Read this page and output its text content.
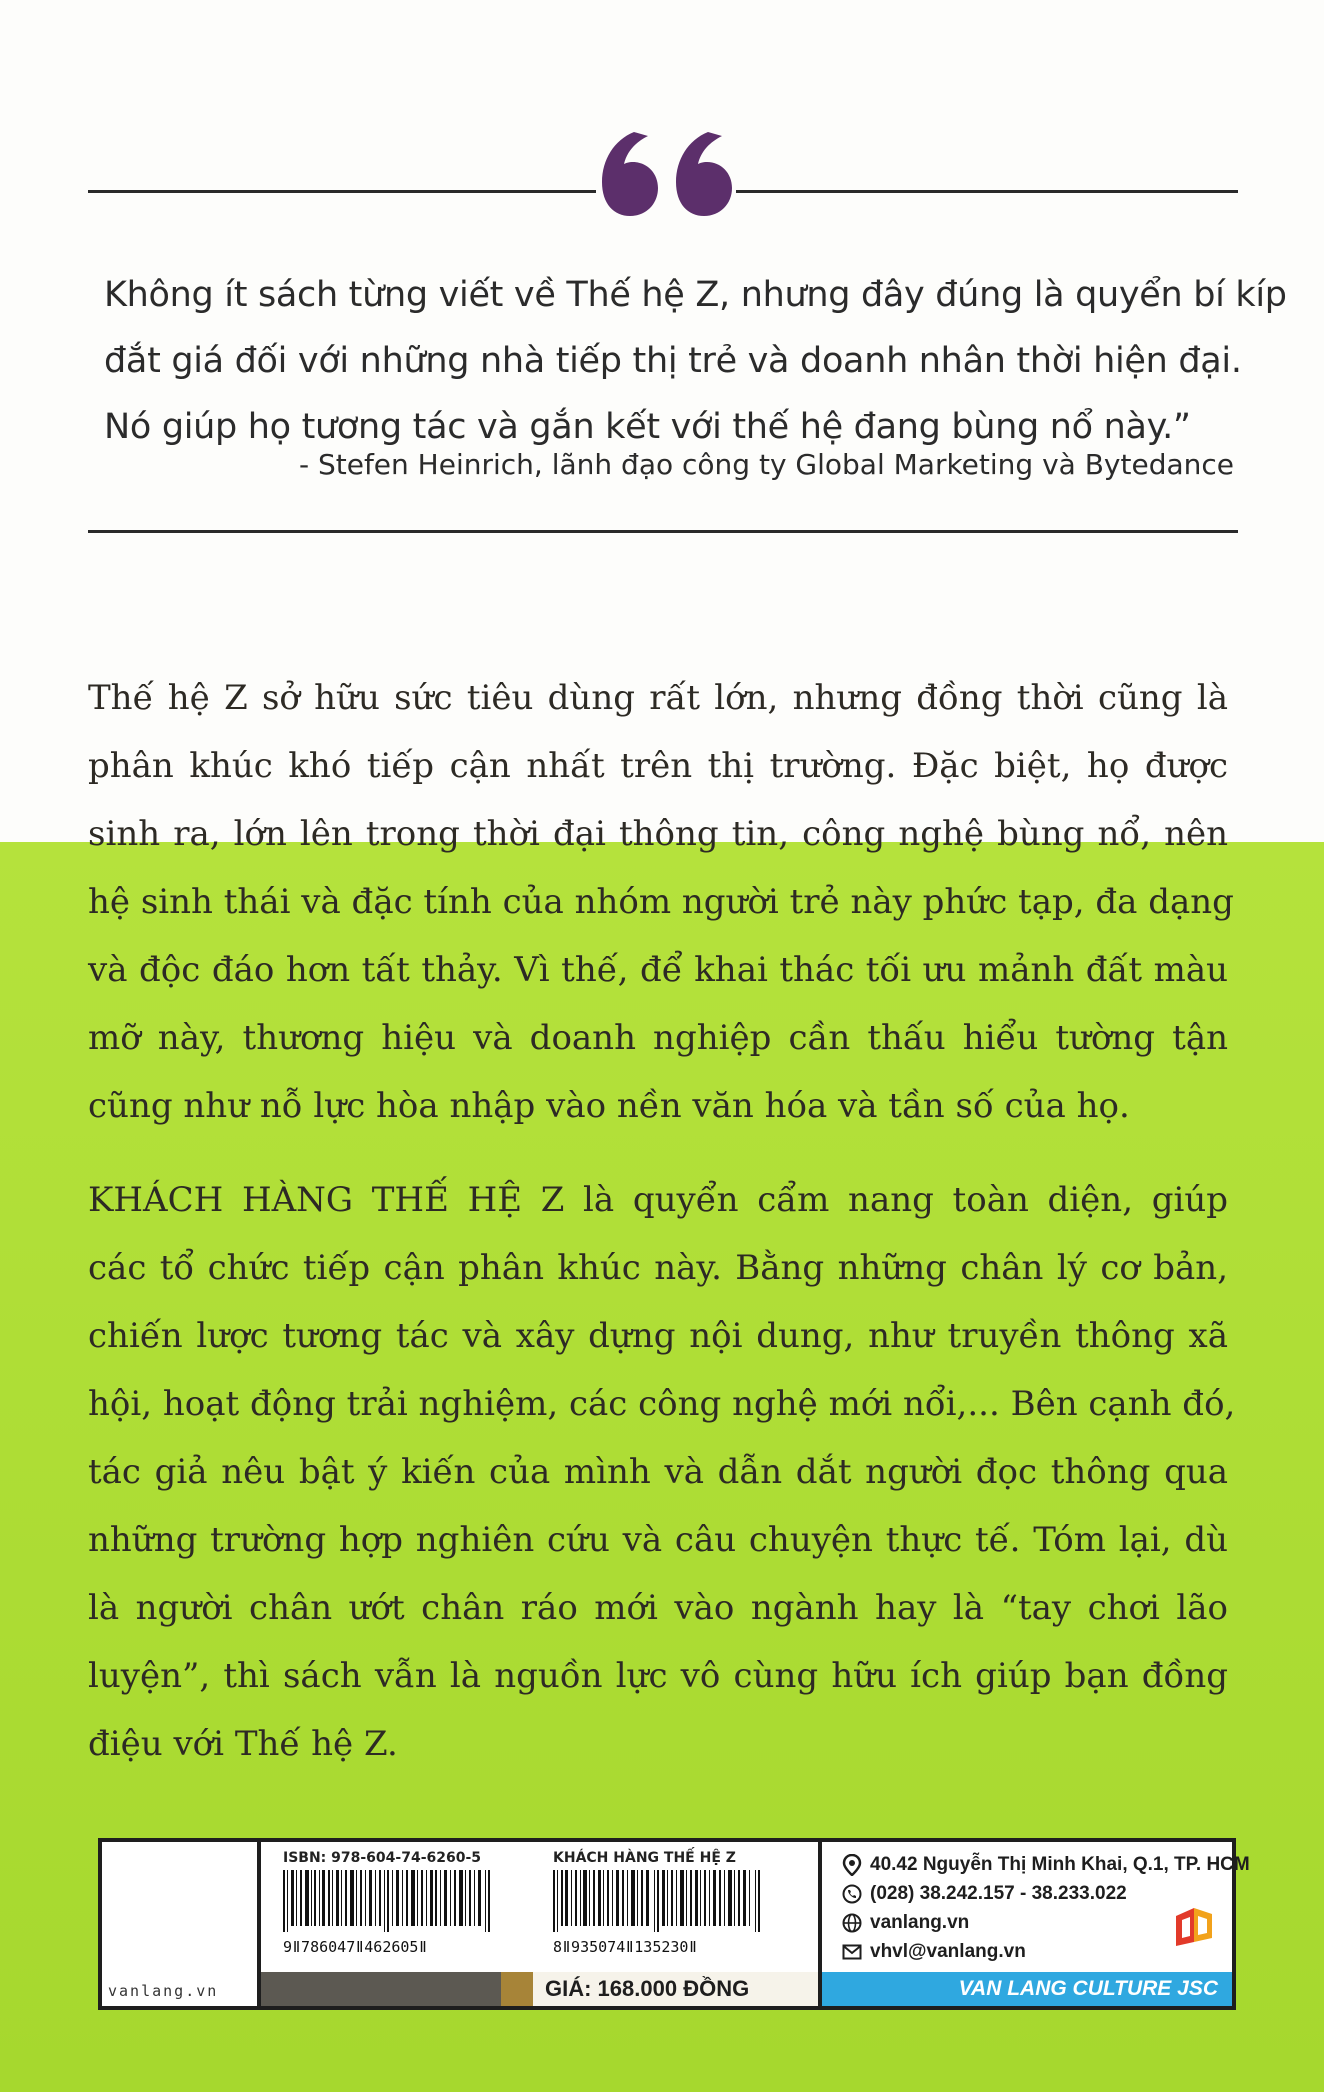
Không ít sách từng viết về Thế hệ Z, nhưng đây đúng là quyển bí kíp
đắt giá đối với những nhà tiếp thị trẻ và doanh nhân thời hiện đại.
Nó giúp họ tương tác và gắn kết với thế hệ đang bùng nổ này.”
- Stefen Heinrich, lãnh đạo công ty Global Marketing và Bytedance
Thế hệ Z sở hữu sức tiêu dùng rất lớn, nhưng đồng thời cũng là
phân khúc khó tiếp cận nhất trên thị trường. Đặc biệt, họ được
sinh ra, lớn lên trong thời đại thông tin, công nghệ bùng nổ, nên
hệ sinh thái và đặc tính của nhóm người trẻ này phức tạp, đa dạng
và độc đáo hơn tất thảy. Vì thế, để khai thác tối ưu mảnh đất màu
mỡ này, thương hiệu và doanh nghiệp cần thấu hiểu tường tận
cũng như nỗ lực hòa nhập vào nền văn hóa và tần số của họ.
KHÁCH HÀNG THẾ HỆ Z là quyển cẩm nang toàn diện, giúp
các tổ chức tiếp cận phân khúc này. Bằng những chân lý cơ bản,
chiến lược tương tác và xây dựng nội dung, như truyền thông xã
hội, hoạt động trải nghiệm, các công nghệ mới nổi,... Bên cạnh đó,
tác giả nêu bật ý kiến của mình và dẫn dắt người đọc thông qua
những trường hợp nghiên cứu và câu chuyện thực tế. Tóm lại, dù
là người chân ướt chân ráo mới vào ngành hay là “tay chơi lão
luyện”, thì sách vẫn là nguồn lực vô cùng hữu ích giúp bạn đồng
điệu với Thế hệ Z.
vanlang.vn
ISBN: 978-604-74-6260-5
9ǁ786047ǁ462605ǁ
KHÁCH HÀNG THẾ HỆ Z
8ǁ935074ǁ135230ǁ
GIÁ: 168.000 ĐỒNG
40.42 Nguyễn Thị Minh Khai, Q.1, TP. HCM
(028) 38.242.157 - 38.233.022
vanlang.vn
vhvl@vanlang.vn
VAN LANG CULTURE JSC
